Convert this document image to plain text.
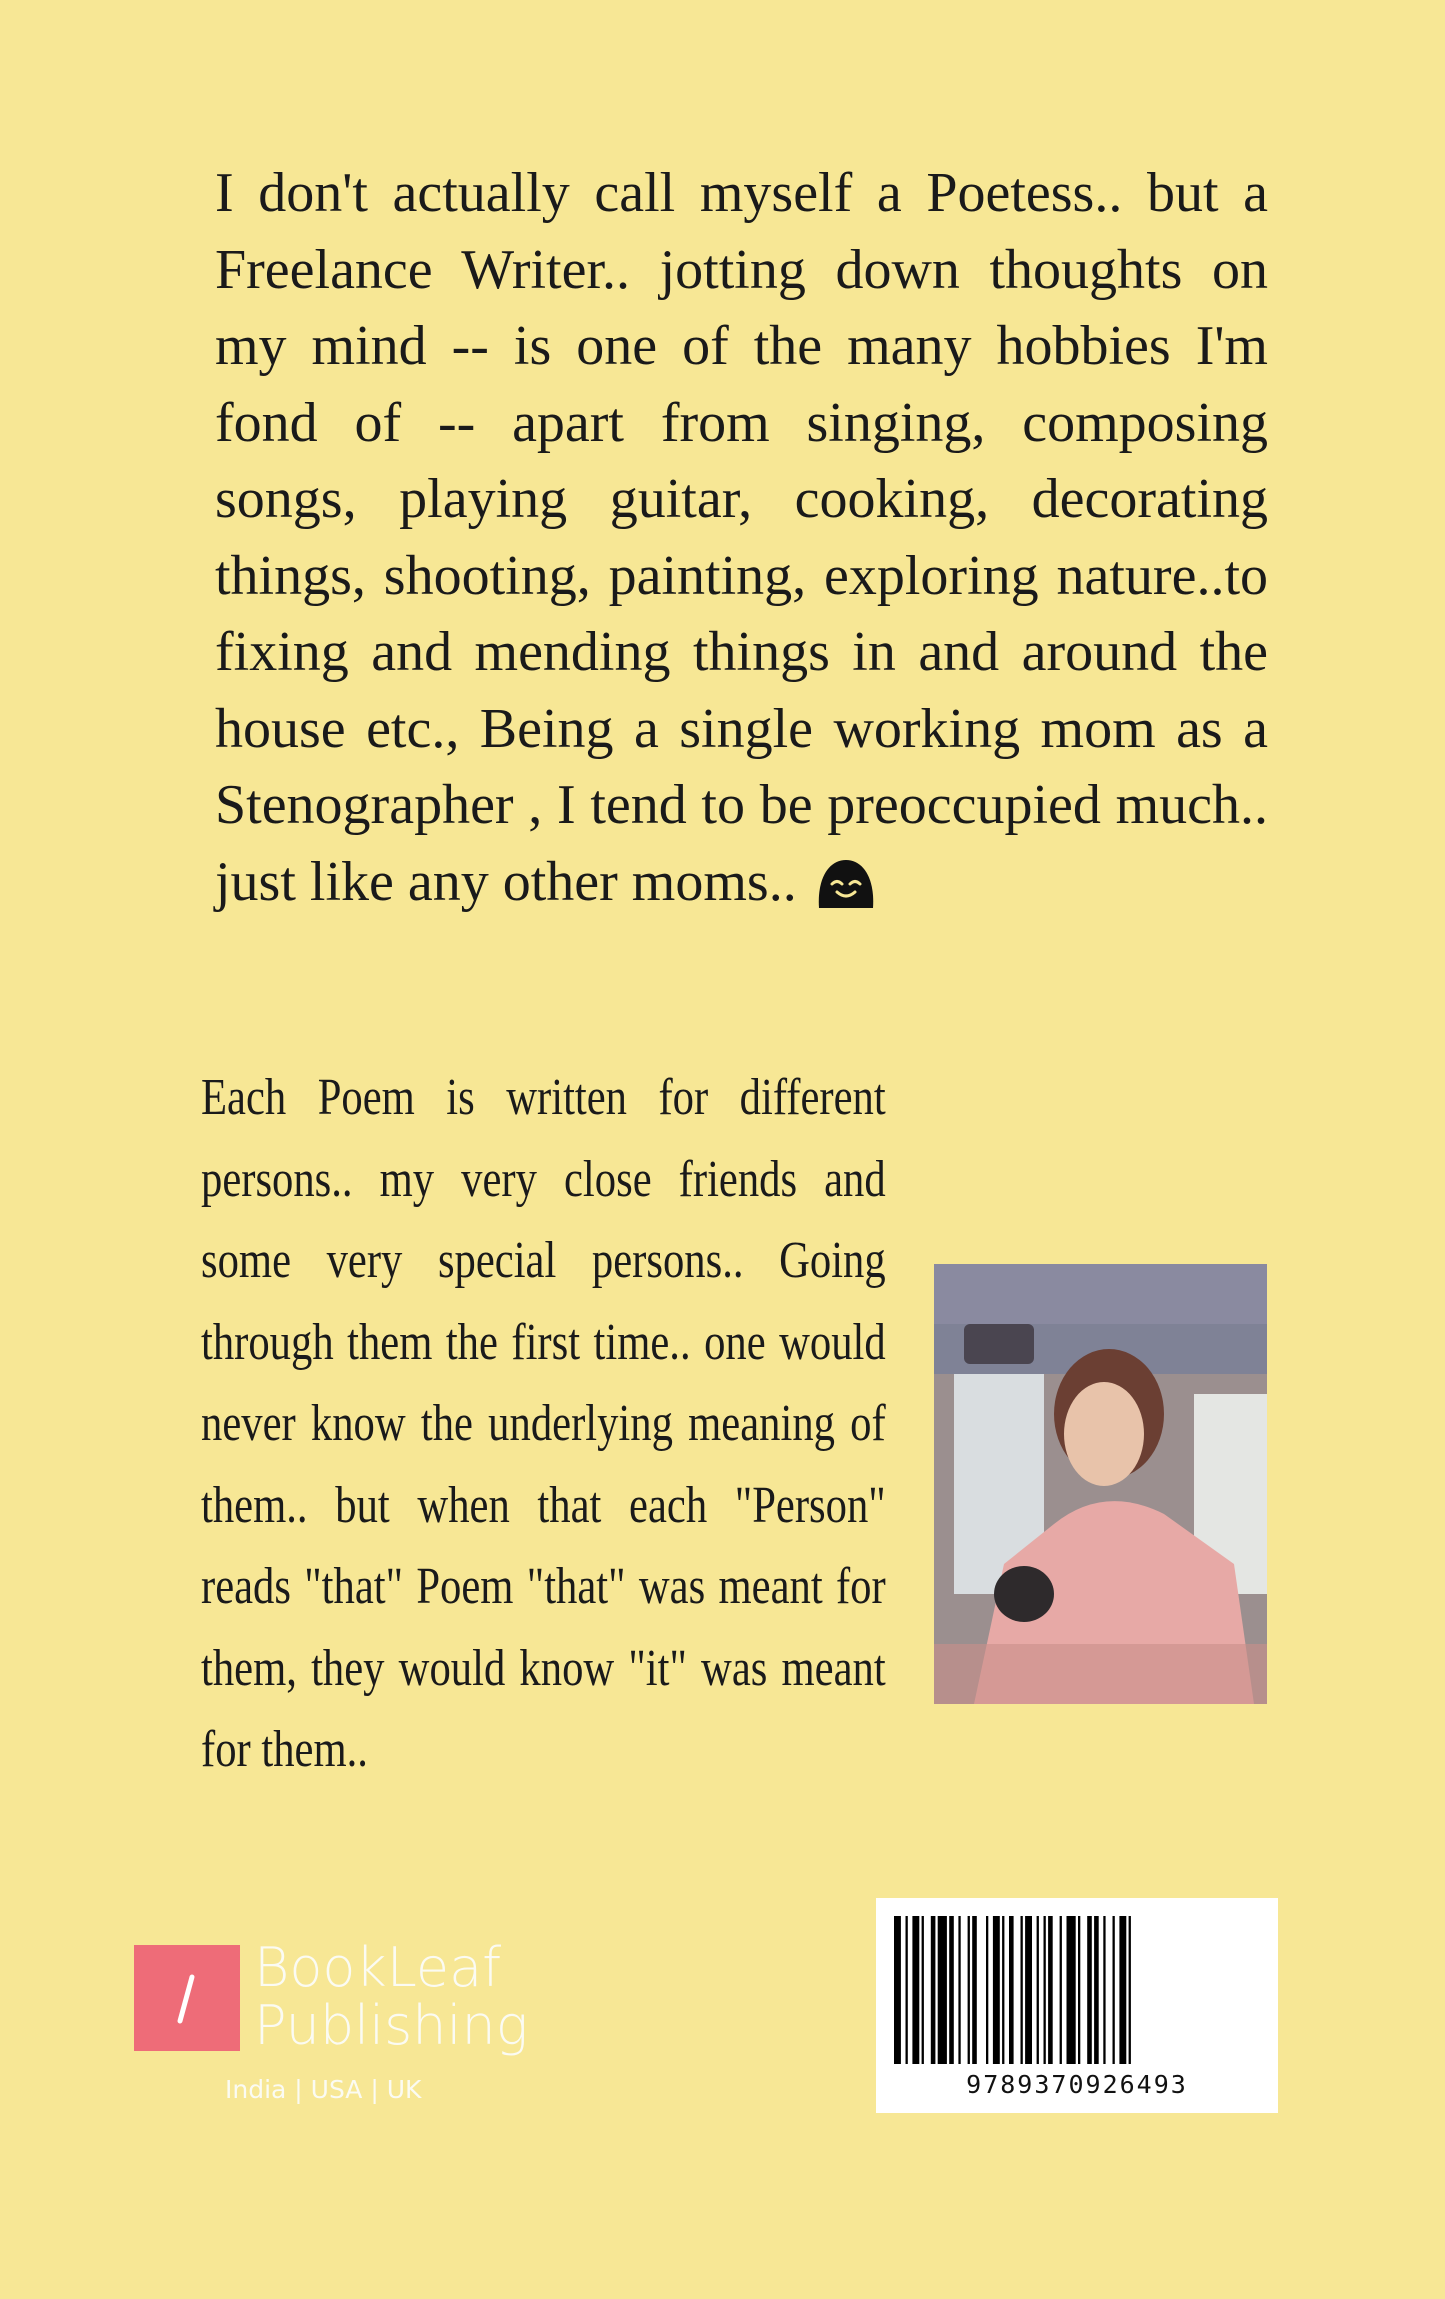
I don't actually call myself a Poetess.. but a Freelance Writer.. jotting down thoughts on my mind -- is one of the many hobbies I'm fond of -- apart from singing, composing songs, playing guitar, cooking, decorating things, shooting, painting, exploring nature..to fixing and mending things in and around the house etc., Being a single working mom as a Stenographer , I tend to be preoccupied much.. just like any other moms..

Each Poem is written for different persons.. my very close friends and some very special persons.. Going through them the first time.. one would never know the underlying meaning of them.. but when that each "Person" reads "that" Poem "that" was meant for them, they would know "it" was meant for them..

BookLeaf
Publishing
India | USA | UK	9789370926493
